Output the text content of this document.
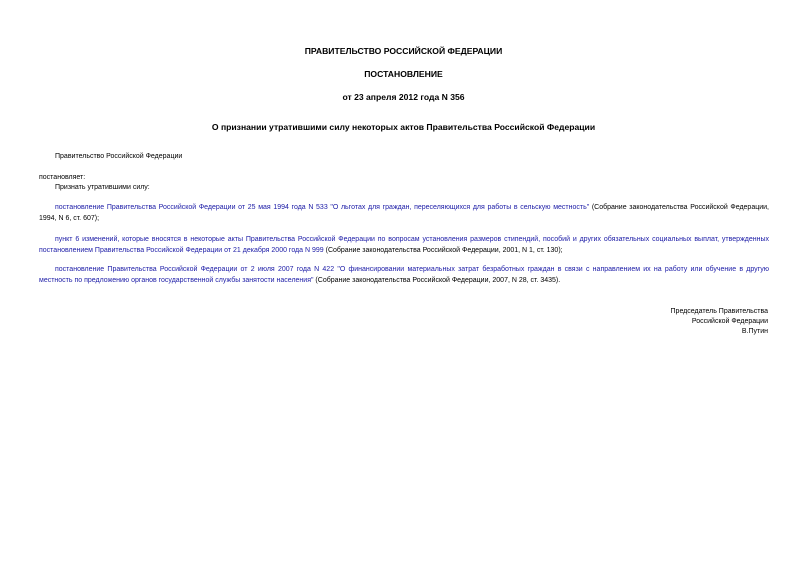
ПРАВИТЕЛЬСТВО РОССИЙСКОЙ ФЕДЕРАЦИИ
ПОСТАНОВЛЕНИЕ
от 23 апреля 2012 года N 356
О признании утратившими силу некоторых актов Правительства Российской Федерации
Правительство Российской Федерации
постановляет:
Признать утратившими силу:

постановление Правительства Российской Федерации от 25 мая 1994 года N 533 "О льготах для граждан, переселяющихся для работы в сельскую местность" (Собрание законодательства Российской Федерации, 1994, N 6, ст. 607);

пункт 6 изменений, которые вносятся в некоторые акты Правительства Российской Федерации по вопросам установления размеров стипендий, пособий и других обязательных социальных выплат, утвержденных постановлением Правительства Российской Федерации от 21 декабря 2000 года N 999 (Собрание законодательства Российской Федерации, 2001, N 1, ст. 130);

постановление Правительства Российской Федерации от 2 июля 2007 года N 422 "О финансировании материальных затрат безработных граждан в связи с направлением их на работу или обучение в другую местность по предложению органов государственной службы занятости населения" (Собрание законодательства Российской Федерации, 2007, N 28, ст. 3435).

Председатель Правительства
Российской Федерации
В.Путин
